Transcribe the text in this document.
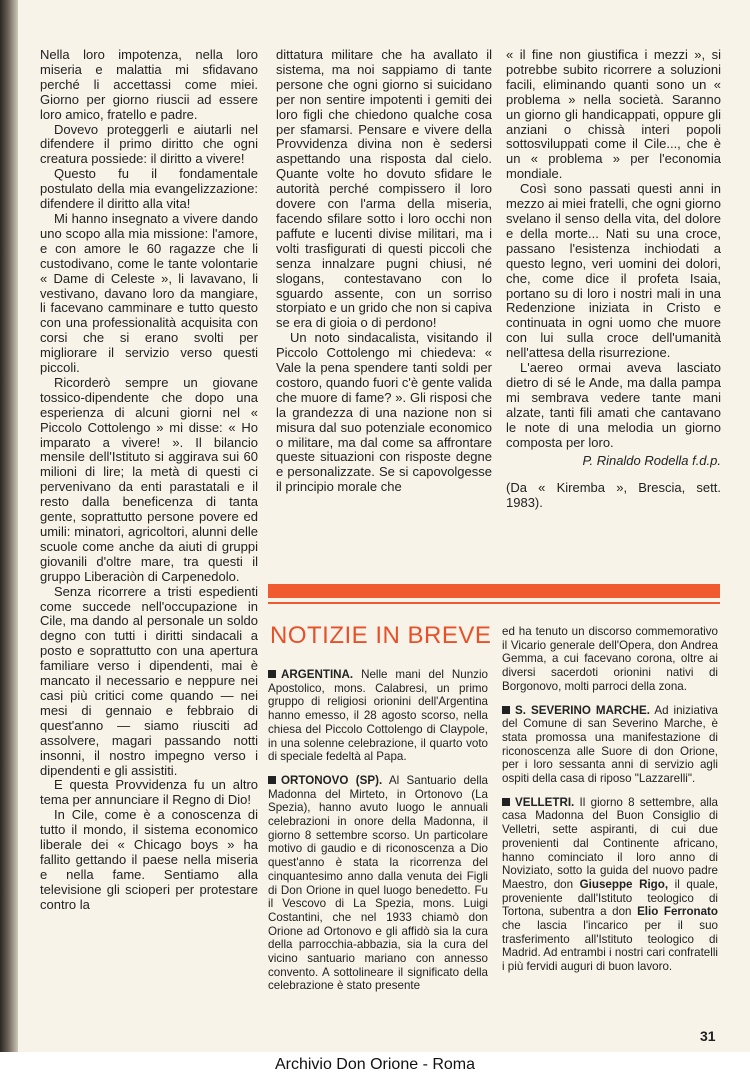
Nella loro impotenza, nella loro miseria e malattia mi sfidavano perché li accettassi come miei. Giorno per giorno riuscii ad essere loro amico, fratello e padre.

Dovevo proteggerli e aiutarli nel difendere il primo diritto che ogni creatura possiede: il diritto a vivere!

Questo fu il fondamentale postulato della mia evangelizzazione: difendere il diritto alla vita!

Mi hanno insegnato a vivere dando uno scopo alla mia missione: l'amore, e con amore le 60 ragazze che li custodivano, come le tante volontarie « Dame di Celeste », li lavavano, li vestivano, davano loro da mangiare, li facevano camminare e tutto questo con una professionalità acquisita con corsi che si erano svolti per migliorare il servizio verso questi piccoli.

Ricorderò sempre un giovane tossico-dipendente che dopo una esperienza di alcuni giorni nel « Piccolo Cottolengo » mi disse: « Ho imparato a vivere! ». Il bilancio mensile dell'Istituto si aggirava sui 60 milioni di lire; la metà di questi ci pervenivano da enti parastatali e il resto dalla beneficenza di tanta gente, soprattutto persone povere ed umili: minatori, agricoltori, alunni delle scuole come anche da aiuti di gruppi giovanili d'oltre mare, tra questi il gruppo Liberaciòn di Carpenedolo.

Senza ricorrere a tristi espedienti come succede nell'occupazione in Cile, ma dando al personale un soldo degno con tutti i diritti sindacali a posto e soprattutto con una apertura familiare verso i dipendenti, mai è mancato il necessario e neppure nei casi più critici come quando — nei mesi di gennaio e febbraio di quest'anno — siamo riusciti ad assolvere, magari passando notti insonni, il nostro impegno verso i dipendenti e gli assistiti.

E questa Provvidenza fu un altro tema per annunciare il Regno di Dio!

In Cile, come è a conoscenza di tutto il mondo, il sistema economico liberale dei « Chicago boys » ha fallito gettando il paese nella miseria e nella fame. Sentiamo alla televisione gli scioperi per protestare contro la

dittatura militare che ha avallato il sistema, ma noi sappiamo di tante persone che ogni giorno si suicidano per non sentire impotenti i gemiti dei loro figli che chiedono qualche cosa per sfamarsi. Pensare e vivere della Provvidenza divina non è sedersi aspettando una risposta dal cielo. Quante volte ho dovuto sfidare le autorità perché compissero il loro dovere con l'arma della miseria, facendo sfilare sotto i loro occhi non paffute e lucenti divise militari, ma i volti trasfigurati di questi piccoli che senza innalzare pugni chiusi, né slogans, contestavano con lo sguardo assente, con un sorriso storpiato e un grido che non si capiva se era di gioia o di perdono!

Un noto sindacalista, visitando il Piccolo Cottolengo mi chiedeva: « Vale la pena spendere tanti soldi per costoro, quando fuori c'è gente valida che muore di fame? ». Gli risposi che la grandezza di una nazione non si misura dal suo potenziale economico o militare, ma dal come sa affrontare queste situazioni con risposte degne e personalizzate. Se si capovolgesse il principio morale che

« il fine non giustifica i mezzi », si potrebbe subito ricorrere a soluzioni facili, eliminando quanti sono un « problema » nella società. Saranno un giorno gli handicappati, oppure gli anziani o chissà interi popoli sottosviluppati come il Cile..., che è un « problema » per l'economia mondiale.

Così sono passati questi anni in mezzo ai miei fratelli, che ogni giorno svelano il senso della vita, del dolore e della morte... Nati su una croce, passano l'esistenza inchiodati a questo legno, veri uomini dei dolori, che, come dice il profeta Isaia, portano su di loro i nostri mali in una Redenzione iniziata in Cristo e continuata in ogni uomo che muore con lui sulla croce dell'umanità nell'attesa della risurrezione.

L'aereo ormai aveva lasciato dietro di sé le Ande, ma dalla pampa mi sembrava vedere tante mani alzate, tanti fili amati che cantavano le note di una melodia un giorno composta per loro.

P. Rinaldo Rodella f.d.p.
(Da « Kiremba », Brescia, sett. 1983).
NOTIZIE IN BREVE

ARGENTINA. Nelle mani del Nunzio Apostolico, mons. Calabresi, un primo gruppo di religiosi orionini dell'Argentina hanno emesso, il 28 agosto scorso, nella chiesa del Piccolo Cottolengo di Claypole, in una solenne celebrazione, il quarto voto di speciale fedeltà al Papa.

ORTONOVO (SP). Al Santuario della Madonna del Mirteto, in Ortonovo (La Spezia), hanno avuto luogo le annuali celebrazioni in onore della Madonna, il giorno 8 settembre scorso. Un particolare motivo di gaudio e di riconoscenza a Dio quest'anno è stata la ricorrenza del cinquantesimo anno dalla venuta dei Figli di Don Orione in quel luogo benedetto. Fu il Vescovo di La Spezia, mons. Luigi Costantini, che nel 1933 chiamò don Orione ad Ortonovo e gli affidò sia la cura della parrocchia-abbazia, sia la cura del vicino santuario mariano con annesso convento. A sottolineare il significato della celebrazione è stato presente

ed ha tenuto un discorso commemorativo il Vicario generale dell'Opera, don Andrea Gemma, a cui facevano corona, oltre ai diversi sacerdoti orionini nativi di Borgonovo, molti parroci della zona.

S. SEVERINO MARCHE. Ad iniziativa del Comune di san Severino Marche, è stata promossa una manifestazione di riconoscenza alle Suore di don Orione, per i loro sessanta anni di servizio agli ospiti della casa di riposo "Lazzarelli".

VELLETRI. Il giorno 8 settembre, alla casa Madonna del Buon Consiglio di Velletri, sette aspiranti, di cui due provenienti dal Continente africano, hanno cominciato il loro anno di Noviziato, sotto la guida del nuovo padre Maestro, don Giuseppe Rigo, il quale, proveniente dall'Istituto teologico di Tortona, subentra a don Elio Ferronato che lascia l'incarico per il suo trasferimento all'Istituto teologico di Madrid. Ad entrambi i nostri cari confratelli i più fervidi auguri di buon lavoro.

31
Archivio Don Orione - Roma
